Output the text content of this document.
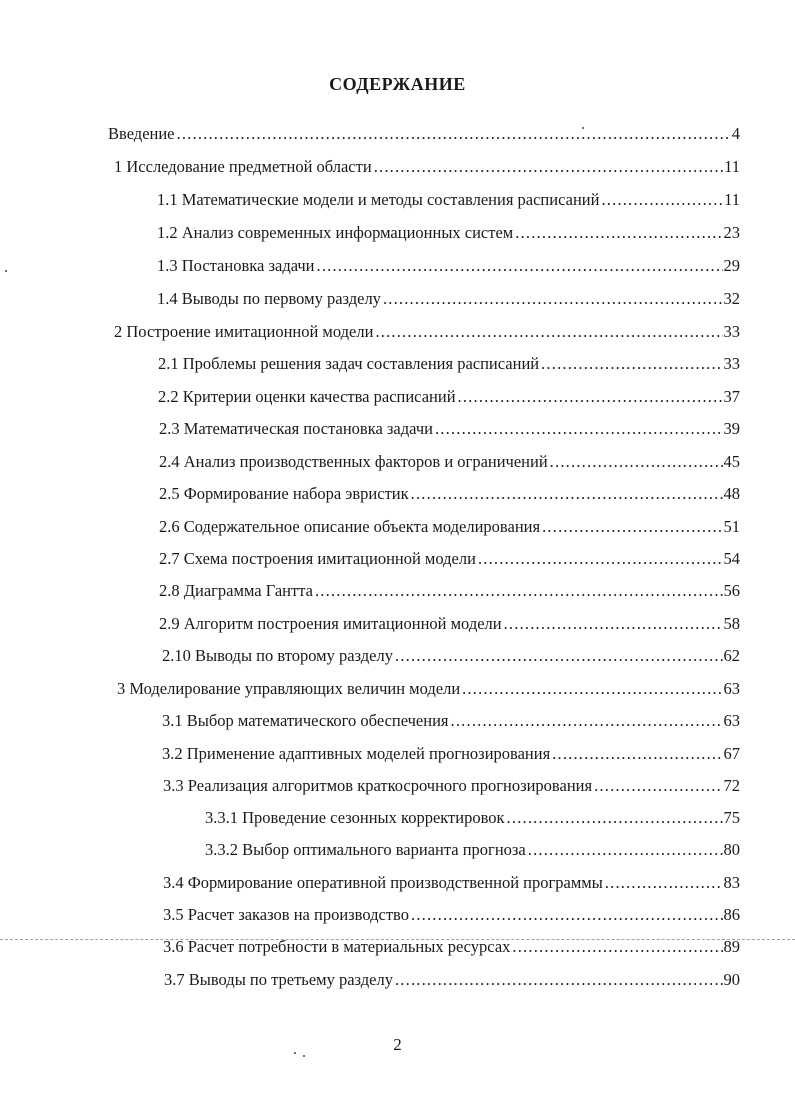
СОДЕРЖАНИЕ
Введение .....	4
1 Исследование предметной области .....	11
1.1 Математические модели и методы составления расписаний .....	11
1.2 Анализ современных информационных систем .....	23
1.3 Постановка задачи .....	29
1.4 Выводы по первому разделу .....	32
2 Построение имитационной модели .....	33
2.1 Проблемы решения задач составления расписаний .....	33
2.2 Критерии оценки качества расписаний .....	37
2.3 Математическая постановка задачи .....	39
2.4 Анализ производственных факторов и ограничений .....	45
2.5 Формирование набора эвристик .....	48
2.6 Содержательное описание объекта моделирования .....	51
2.7 Схема построения имитационной модели .....	54
2.8 Диаграмма Гантта .....	56
2.9 Алгоритм построения имитационной модели .....	58
2.10 Выводы по второму разделу .....	62
3 Моделирование управляющих величин модели .....	63
3.1 Выбор математического обеспечения .....	63
3.2 Применение адаптивных моделей прогнозирования .....	67
3.3 Реализация алгоритмов краткосрочного прогнозирования .....	72
3.3.1 Проведение сезонных корректировок .....	75
3.3.2 Выбор оптимального варианта прогноза .....	80
3.4 Формирование оперативной производственной программы .....	83
3.5 Расчет заказов на производство .....	86
3.6 Расчет потребности в материальных ресурсах .....	89
3.7 Выводы по третьему разделу .....	90
2
